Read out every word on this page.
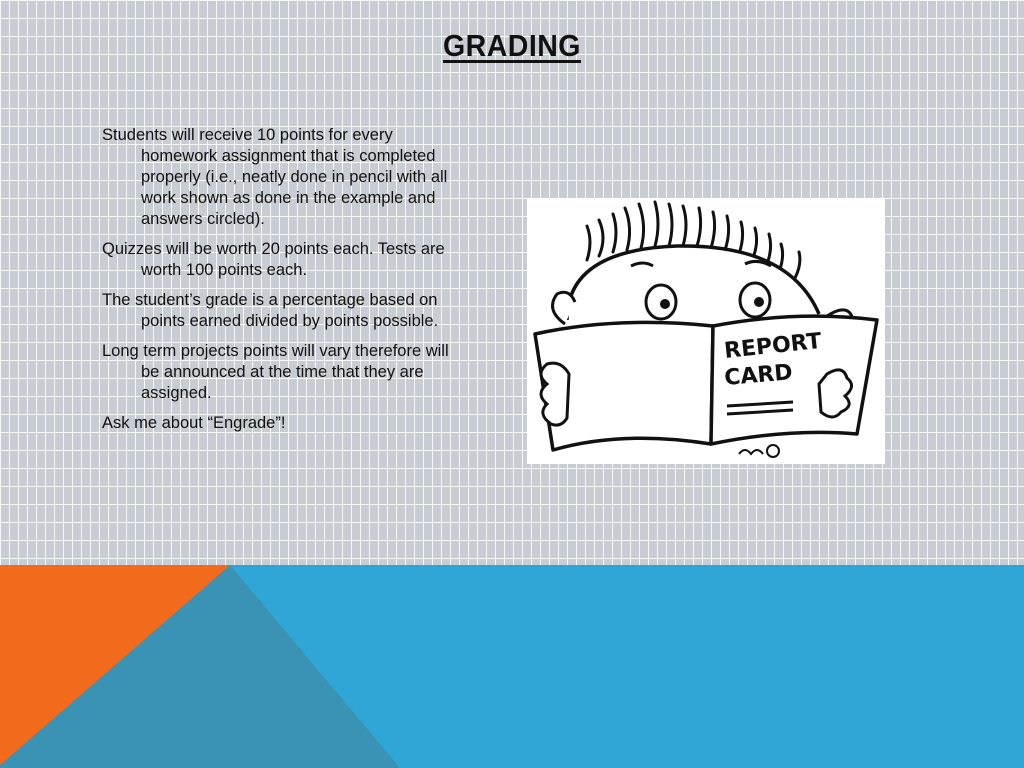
GRADING
Students will receive 10 points for every homework assignment that is completed properly (i.e., neatly done in pencil with all work shown as done in the example and answers circled).
Quizzes will be worth 20 points each. Tests are worth 100 points each.
The student’s grade is a percentage based on points earned divided by points possible.
Long term projects points will vary therefore will be announced at the time that they are assigned.
Ask me about “Engrade”!
REPORT
CARD
